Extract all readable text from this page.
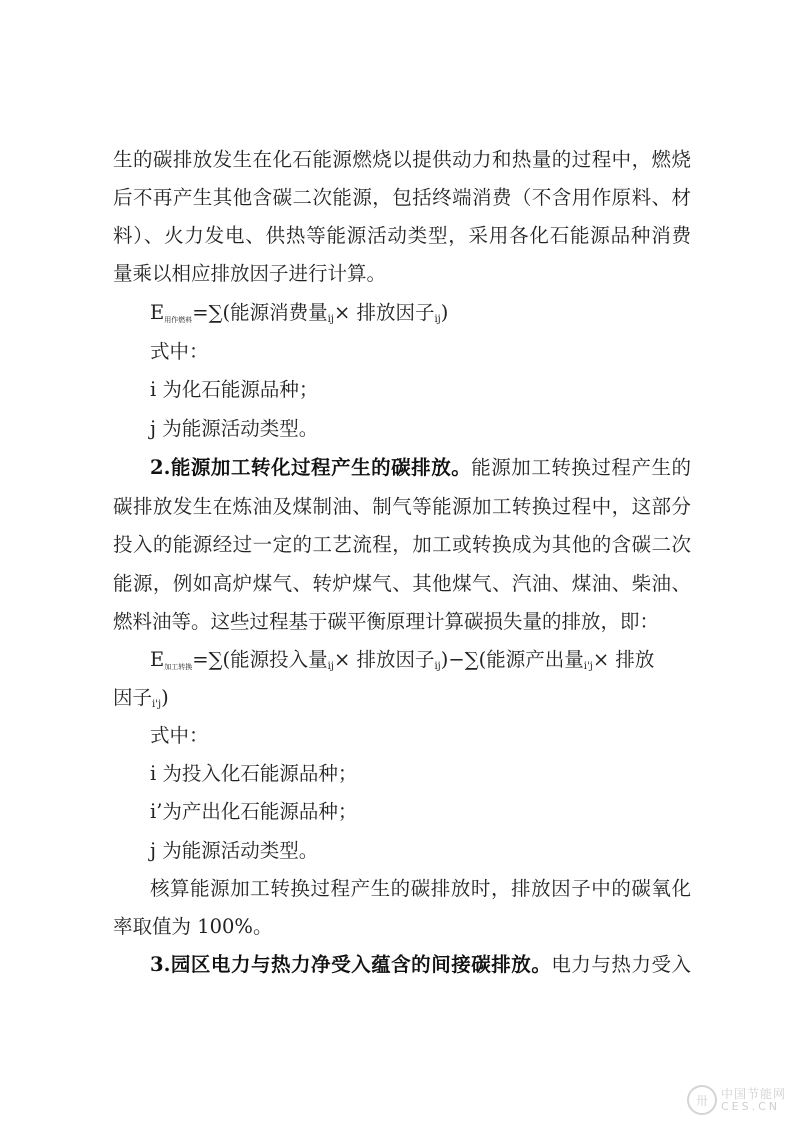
生的碳排放发生在化石能源燃烧以提供动力和热量的过程中，燃烧
后不再产生其他含碳二次能源，包括终端消费（不含用作原料、材
料）、火力发电、供热等能源活动类型，采用各化石能源品种消费
量乘以相应排放因子进行计算。
$E_{用作燃料}=\sum$(能源消费量$_{ij}$× 排放因子$_{ij}$)
式中：
i 为化石能源品种；
j 为能源活动类型。
2.能源加工转化过程产生的碳排放。能源加工转换过程产生的
碳排放发生在炼油及煤制油、制气等能源加工转换过程中，这部分
投入的能源经过一定的工艺流程，加工或转换成为其他的含碳二次
能源，例如高炉煤气、转炉煤气、其他煤气、汽油、煤油、柴油、
燃料油等。这些过程基于碳平衡原理计算碳损失量的排放，即：
$E_{加工转换}=\sum$(能源投入量$_{ij}$× 排放因子$_{ij}$)−∑(能源产出量$_{i'j}$× 排放
因子$_{i'j}$)
式中：
i 为投入化石能源品种；
i’为产出化石能源品种；
j 为能源活动类型。
核算能源加工转换过程产生的碳排放时，排放因子中的碳氧化
率取值为 100%。
3.园区电力与热力净受入蕴含的间接碳排放。电力与热力受入
卅	中国节能网
CES.CN
